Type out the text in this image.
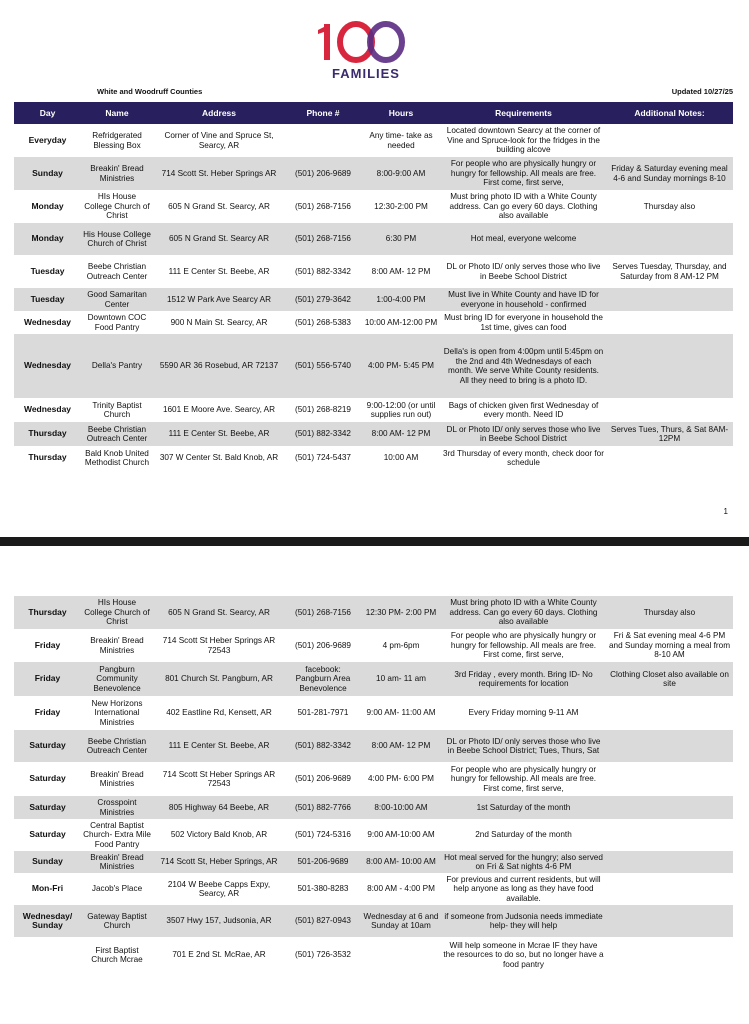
FAMILIES
White and Woodruff Counties	Updated 10/27/25
Day	Name	Address	Phone #	Hours	Requirements	Additional Notes:
Everyday	Refridgerated Blessing Box	Corner of Vine and Spruce St, Searcy, AR		Any time- take as needed	Located downtown Searcy at the corner of Vine and Spruce-look for the fridges in the building alcove	
Sunday	Breakin' Bread Ministries	714 Scott St. Heber Springs AR	(501) 206-9689	8:00-9:00 AM	For people who are physically hungry or hungry for fellowship. All meals are free. First come, first serve,	Friday & Saturday evening meal 4-6 and Sunday mornings 8-10
Monday	HIs House College Church of Christ	605 N Grand St. Searcy, AR	(501) 268-7156	12:30-2:00 PM	Must bring photo ID with a White County address. Can go every 60 days. Clothing also available	Thursday also
Monday	His House College Church of Christ	605 N Grand St. Searcy AR	(501) 268-7156	6:30 PM	Hot meal, everyone welcome	
Tuesday	Beebe Christian Outreach Center	111 E Center St. Beebe, AR	(501) 882-3342	8:00 AM- 12 PM	DL or Photo ID/ only serves those who live in Beebe School District	Serves Tuesday, Thursday, and Saturday from 8 AM-12 PM
Tuesday	Good Samaritan Center	1512 W Park Ave Searcy AR	(501) 279-3642	1:00-4:00 PM	Must live in White County and have ID for everyone in household - confirmed	
Wednesday	Downtown COC Food Pantry	900 N Main St. Searcy, AR	(501) 268-5383	10:00 AM-12:00 PM	Must bring ID for everyone in household the 1st time, gives can food	
Wednesday	Della's Pantry	5590 AR 36 Rosebud, AR 72137	(501) 556-5740	4:00 PM- 5:45 PM	Della's is open from 4:00pm until 5:45pm on the 2nd and 4th Wednesdays of each month. We serve White County residents. All they need to bring is a photo ID.	
Wednesday	Trinity Baptist Church	1601 E Moore Ave. Searcy, AR	(501) 268-8219	9:00-12:00 (or until supplies run out)	Bags of chicken given first Wednesday of every month. Need ID	
Thursday	Beebe Christian Outreach Center	111 E Center St. Beebe, AR	(501) 882-3342	8:00 AM- 12 PM	DL or Photo ID/ only serves those who live in Beebe School District	Serves Tues, Thurs, & Sat 8AM-12PM
Thursday	Bald Knob United Methodist Church	307 W Center St. Bald Knob, AR	(501) 724-5437	10:00 AM	3rd Thursday of every month, check door for schedule	
1
Thursday	HIs House College Church of Christ	605 N Grand St. Searcy, AR	(501) 268-7156	12:30 PM- 2:00 PM	Must bring photo ID with a White County address. Can go every 60 days. Clothing also available	Thursday also
Friday	Breakin' Bread Ministries	714 Scott St Heber Springs AR 72543	(501) 206-9689	4 pm-6pm	For people who are physically hungry or hungry for fellowship. All meals are free. First come, first serve,	Fri & Sat evening meal 4-6 PM and Sunday morning a meal from 8-10 AM
Friday	Pangburn Community Benevolence	801 Church St. Pangburn, AR	facebook: Pangburn Area Benevolence	10 am- 11 am	3rd Friday , every month. Bring ID- No requirements for location	Clothing Closet also available on site
Friday	New Horizons International Ministries	402 Eastline Rd, Kensett, AR	501-281-7971	9:00 AM- 11:00 AM	Every Friday morning 9-11 AM	
Saturday	Beebe Christian Outreach Center	111 E Center St. Beebe, AR	(501) 882-3342	8:00 AM- 12 PM	DL or Photo ID/ only serves those who live in Beebe School District; Tues, Thurs, Sat	
Saturday	Breakin' Bread Ministries	714 Scott St Heber Springs AR 72543	(501) 206-9689	4:00 PM- 6:00 PM	For people who are physically hungry or hungry for fellowship. All meals are free. First come, first serve,	
Saturday	Crosspoint Ministries	805 Highway 64 Beebe, AR	(501) 882-7766	8:00-10:00 AM	1st Saturday of the month	
Saturday	Central Baptist Church- Extra Mile Food Pantry	502 Victory Bald Knob, AR	(501) 724-5316	9:00 AM-10:00 AM	2nd Saturday of the month	
Sunday	Breakin' Bread Ministries	714 Scott St, Heber Springs, AR	501-206-9689	8:00 AM- 10:00 AM	Hot meal served for the hungry; also served on Fri & Sat nights 4-6 PM	
Mon-Fri	Jacob's Place	2104 W Beebe Capps Expy, Searcy, AR	501-380-8283	8:00 AM - 4:00 PM	For previous and current residents, but will help anyone as long as they have food available.	
Wednesday/ Sunday	Gateway Baptist Church	3507 Hwy 157, Judsonia, AR	(501) 827-0943	Wednesday at 6 and Sunday at 10am	if someone from Judsonia needs immediate help- they will help	
	First Baptist Church Mcrae	701 E 2nd St. McRae, AR	(501) 726-3532		Will help someone in Mcrae IF they have the resources to do so, but no longer have a food pantry	
